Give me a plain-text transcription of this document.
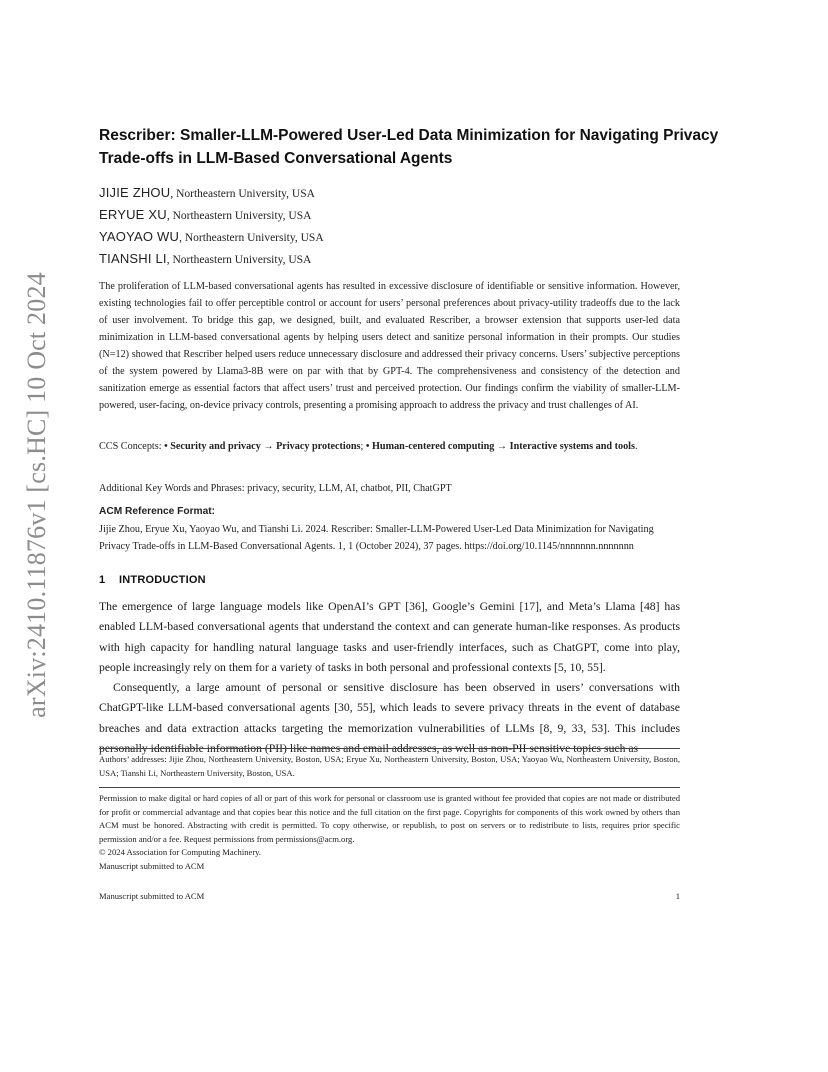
arXiv:2410.11876v1 [cs.HC] 10 Oct 2024
Rescriber: Smaller-LLM-Powered User-Led Data Minimization for Navigating Privacy Trade-offs in LLM-Based Conversational Agents
JIJIE ZHOU, Northeastern University, USA
ERYUE XU, Northeastern University, USA
YAOYAO WU, Northeastern University, USA
TIANSHI LI, Northeastern University, USA
The proliferation of LLM-based conversational agents has resulted in excessive disclosure of identifiable or sensitive information. However, existing technologies fail to offer perceptible control or account for users’ personal preferences about privacy-utility tradeoffs due to the lack of user involvement. To bridge this gap, we designed, built, and evaluated Rescriber, a browser extension that supports user-led data minimization in LLM-based conversational agents by helping users detect and sanitize personal information in their prompts. Our studies (N=12) showed that Rescriber helped users reduce unnecessary disclosure and addressed their privacy concerns. Users’ subjective perceptions of the system powered by Llama3-8B were on par with that by GPT-4. The comprehensiveness and consistency of the detection and sanitization emerge as essential factors that affect users’ trust and perceived protection. Our findings confirm the viability of smaller-LLM-powered, user-facing, on-device privacy controls, presenting a promising approach to address the privacy and trust challenges of AI.
CCS Concepts: • Security and privacy → Privacy protections; • Human-centered computing → Interactive systems and tools.
Additional Key Words and Phrases: privacy, security, LLM, AI, chatbot, PII, ChatGPT
ACM Reference Format:
Jijie Zhou, Eryue Xu, Yaoyao Wu, and Tianshi Li. 2024. Rescriber: Smaller-LLM-Powered User-Led Data Minimization for Navigating Privacy Trade-offs in LLM-Based Conversational Agents. 1, 1 (October 2024), 37 pages. https://doi.org/10.1145/nnnnnnn.nnnnnnn
1 INTRODUCTION

The emergence of large language models like OpenAI’s GPT [36], Google’s Gemini [17], and Meta’s Llama [48] has enabled LLM-based conversational agents that understand the context and can generate human-like responses. As products with high capacity for handling natural language tasks and user-friendly interfaces, such as ChatGPT, come into play, people increasingly rely on them for a variety of tasks in both personal and professional contexts [5, 10, 55].

Consequently, a large amount of personal or sensitive disclosure has been observed in users’ conversations with ChatGPT-like LLM-based conversational agents [30, 55], which leads to severe privacy threats in the event of database breaches and data extraction attacks targeting the memorization vulnerabilities of LLMs [8, 9, 33, 53]. This includes personally identifiable information (PII) like names and email addresses, as well as non-PII sensitive topics such as

Authors’ addresses: Jijie Zhou, Northeastern University, Boston, USA; Eryue Xu, Northeastern University, Boston, USA; Yaoyao Wu, Northeastern University, Boston, USA; Tianshi Li, Northeastern University, Boston, USA.

Permission to make digital or hard copies of all or part of this work for personal or classroom use is granted without fee provided that copies are not made or distributed for profit or commercial advantage and that copies bear this notice and the full citation on the first page. Copyrights for components of this work owned by others than ACM must be honored. Abstracting with credit is permitted. To copy otherwise, or republish, to post on servers or to redistribute to lists, requires prior specific permission and/or a fee. Request permissions from permissions@acm.org.

© 2024 Association for Computing Machinery.

Manuscript submitted to ACM

Manuscript submitted to ACM	1
